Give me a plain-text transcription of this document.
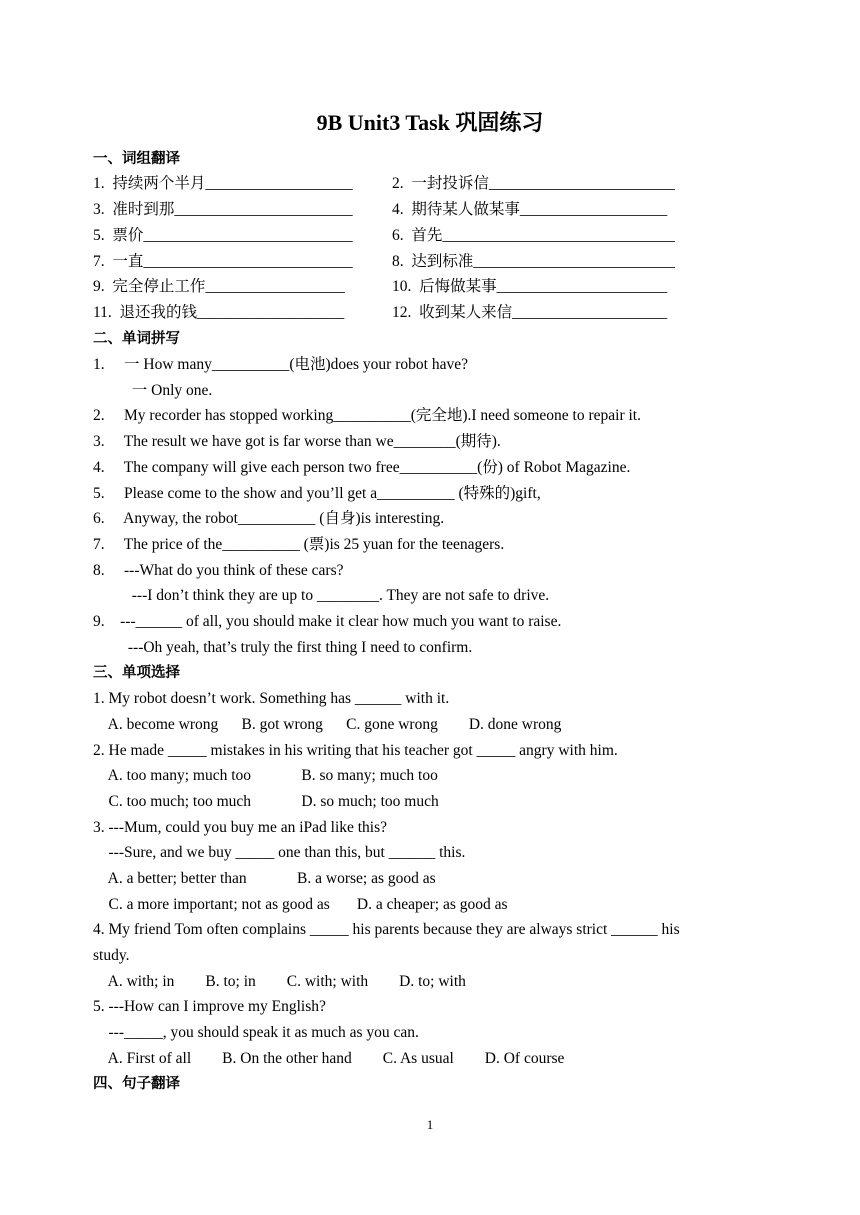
9B Unit3 Task 巩固练习
一、词组翻译
1.  持续两个半月___________________	2.  一封投诉信________________________
3.  准时到那_______________________	4.  期待某人做某事___________________
5.  票价___________________________	6.  首先______________________________
7.  一直___________________________	8.  达到标准__________________________
9.  完全停止工作__________________	10.  后悔做某事______________________
11.  退还我的钱___________________	12.  收到某人来信____________________
二、单词拼写
1.     一 How many__________(电池)does your robot have?
一 Only one.
2.     My recorder has stopped working__________(完全地).I need someone to repair it.
3.     The result we have got is far worse than we________(期待).
4.     The company will give each person two free__________(份) of Robot Magazine.
5.     Please come to the show and you’ll get a__________ (特殊的)gift,
6.     Anyway, the robot__________ (自身)is interesting.
7.     The price of the__________ (票)is 25 yuan for the teenagers.
8.     ---What do you think of these cars?
---I don’t think they are up to ________. They are not safe to drive.
9.    ---______ of all, you should make it clear how much you want to raise.
---Oh yeah, that’s truly the first thing I need to confirm.
三、单项选择
1. My robot doesn’t work. Something has ______ with it.
A. become wrong      B. got wrong      C. gone wrong        D. done wrong
2. He made _____ mistakes in his writing that his teacher got _____ angry with him.
A. too many; much too             B. so many; much too
C. too much; too much             D. so much; too much
3. ---Mum, could you buy me an iPad like this?
---Sure, and we buy _____ one than this, but ______ this.
A. a better; better than             B. a worse; as good as
C. a more important; not as good as       D. a cheaper; as good as
4. My friend Tom often complains _____ his parents because they are always strict ______ his
study.
A. with; in        B. to; in        C. with; with        D. to; with
5. ---How can I improve my English?
---_____, you should speak it as much as you can.
A. First of all        B. On the other hand        C. As usual        D. Of course
四、句子翻译
1
